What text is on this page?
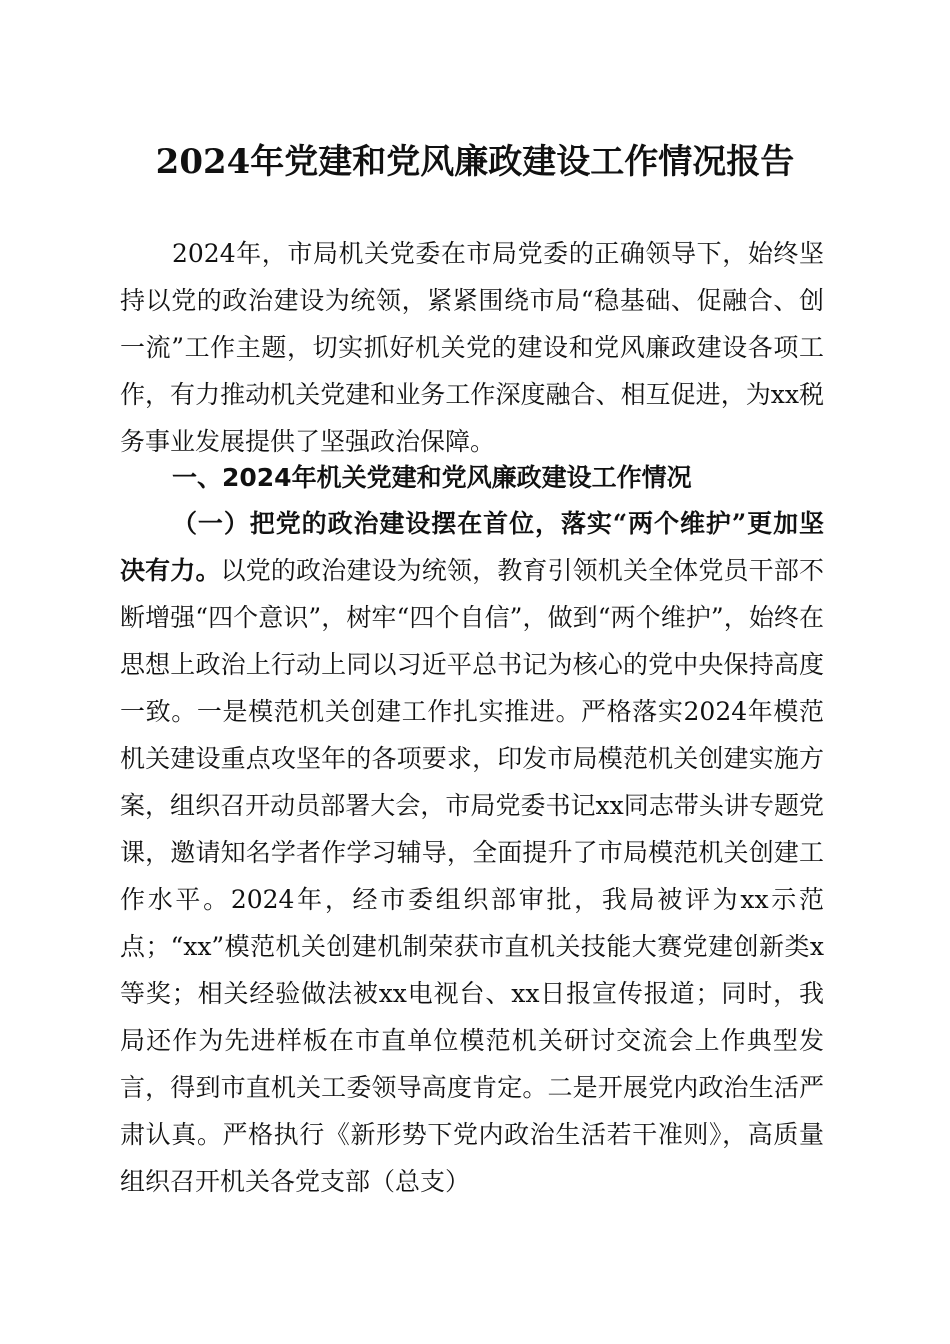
2024年党建和党风廉政建设工作情况报告

2024年，市局机关党委在市局党委的正确领导下，始终坚持以党的政治建设为统领，紧紧围绕市局“稳基础、促融合、创一流”工作主题，切实抓好机关党的建设和党风廉政建设各项工作，有力推动机关党建和业务工作深度融合、相互促进，为xx税务事业发展提供了坚强政治保障。

一、2024年机关党建和党风廉政建设工作情况

（一）把党的政治建设摆在首位，落实“两个维护”更加坚决有力。以党的政治建设为统领，教育引领机关全体党员干部不断增强“四个意识”，树牢“四个自信”，做到“两个维护”，始终在思想上政治上行动上同以习近平总书记为核心的党中央保持高度一致。一是模范机关创建工作扎实推进。严格落实2024年模范机关建设重点攻坚年的各项要求，印发市局模范机关创建实施方案，组织召开动员部署大会，市局党委书记xx同志带头讲专题党课，邀请知名学者作学习辅导，全面提升了市局模范机关创建工作水平。2024年，经市委组织部审批，我局被评为xx示范点；“xx”模范机关创建机制荣获市直机关技能大赛党建创新类x等奖；相关经验做法被xx电视台、xx日报宣传报道；同时，我局还作为先进样板在市直单位模范机关研讨交流会上作典型发言，得到市直机关工委领导高度肯定。二是开展党内政治生活严肃认真。严格执行《新形势下党内政治生活若干准则》，高质量组织召开机关各党支部（总支）
